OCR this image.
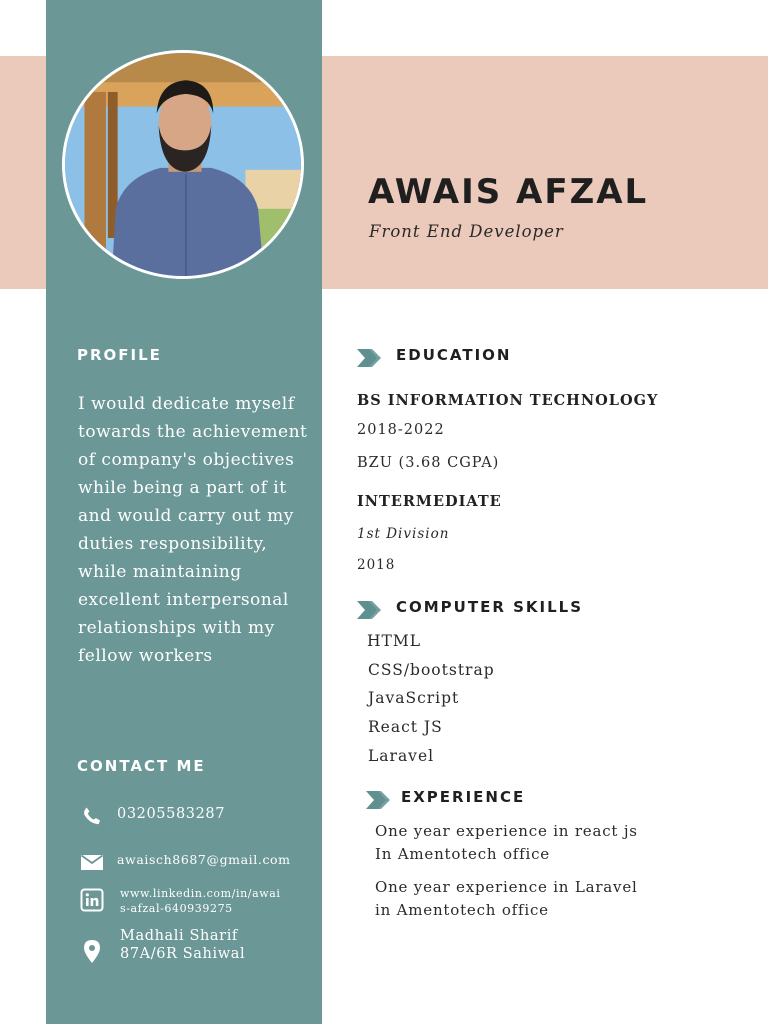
AWAIS AFZAL
Front End Developer
PROFILE
I would dedicate myself towards the achievement of company's objectives while being a part of it and would carry out my duties responsibility, while maintaining excellent interpersonal relationships with my fellow workers
CONTACT ME
03205583287
awaisch8687@gmail.com
www.linkedin.com/in/awai
s-afzal-640939275
Madhali Sharif
87A/6R Sahiwal
EDUCATION
BS INFORMATION TECHNOLOGY
2018-2022
BZU (3.68 CGPA)
INTERMEDIATE
1st Division
2018
COMPUTER SKILLS
HTML
CSS/bootstrap
JavaScript
React JS
Laravel
EXPERIENCE
One year experience in react js
In Amentotech office
One year experience in Laravel
in Amentotech office
